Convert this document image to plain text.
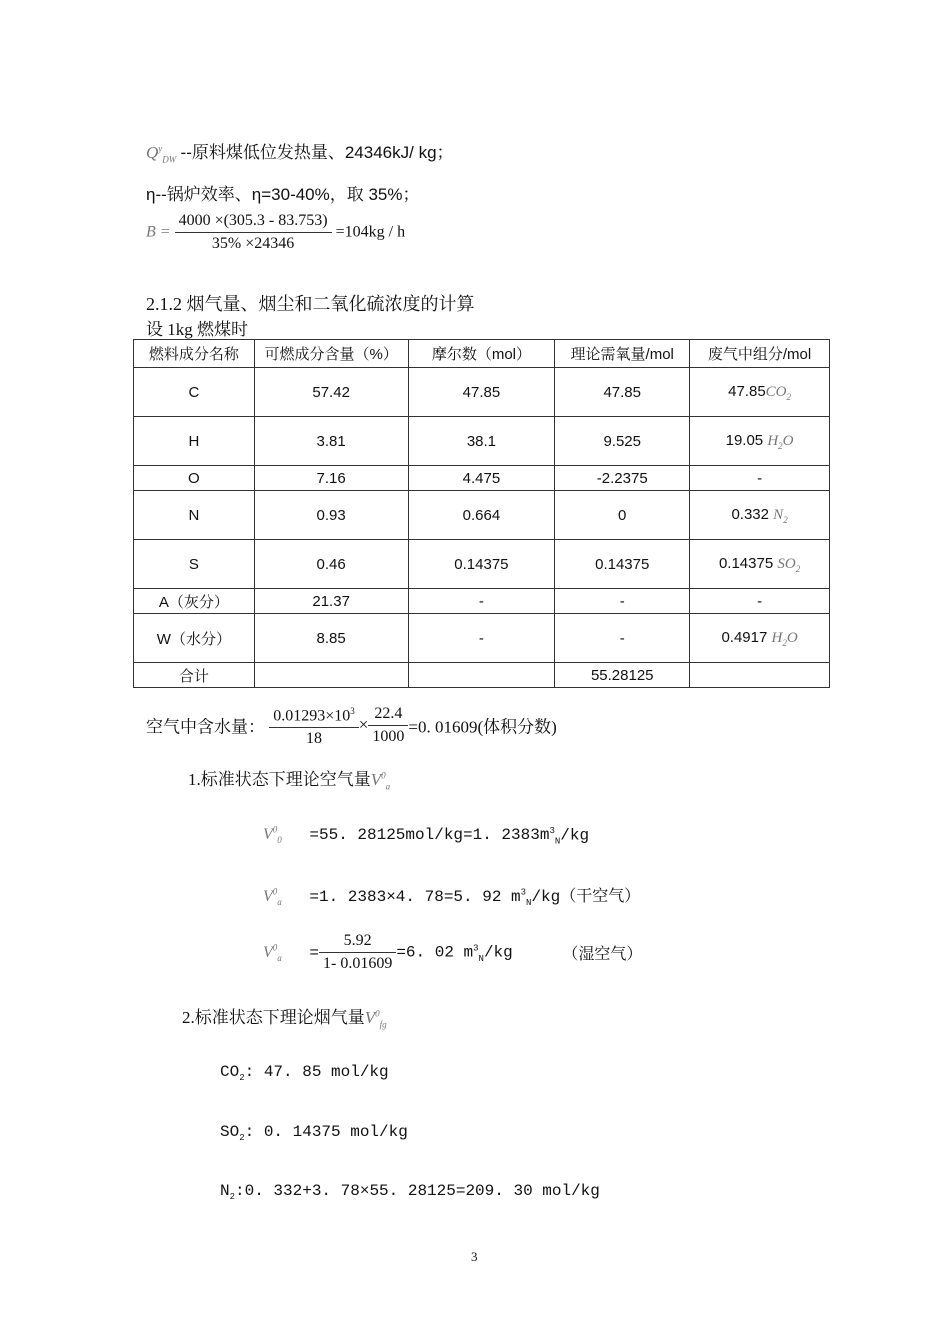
$Q^y_{DW}$ --原料煤低位发热量、24346kJ/ kg；
η--锅炉效率、η=30-40%，取 35%；
$B = \frac{4000 \times(305.3 - 83.753)}{35\% \times 24346} =104kg / h$
2.1.2 烟气量、烟尘和二氧化硫浓度的计算
设 1kg 燃煤时
燃料成分名称	可燃成分含量（%）	摩尔数（mol）	理论需氧量/mol	废气中组分/mol
C	57.42	47.85	47.85	$47.85CO_2$
H	3.81	38.1	9.525	19.05 $H_2O$
O	7.16	4.475	-2.2375	-
N	0.93	0.664	0	0.332 $N_2$
S	0.46	0.14375	0.14375	0.14375 $SO_2$
A（灰分）	21.37	-	-	-
W（水分）	8.85	-	-	0.4917 $H_2O$
合计			55.28125	
空气中含水量： $\frac{0.01293\times 10^3}{18} \times \frac{22.4}{1000} =0$. 01609(体积分数)
1.标准状态下理论空气量$V^0_a$
$V^0_0 =55$. 28125mol/kg=1. $2383m^3_N/kg$
$V^0_a =1$. 2383×4. 78=5. 92 $m^3_N/kg$（干空气）
$V^0_a = \frac{5.92}{1- 0.01609} =6$. 02 $m^3_N/kg$	（湿空气）
2.标准状态下理论烟气量$V^0_{fg}$
$CO_2$: 47. 85 mol/kg
$SO_2$: 0. 14375 mol/kg
$N_2:0$. 332+3. 78×55. 28125=209. 30 mol/kg
3
